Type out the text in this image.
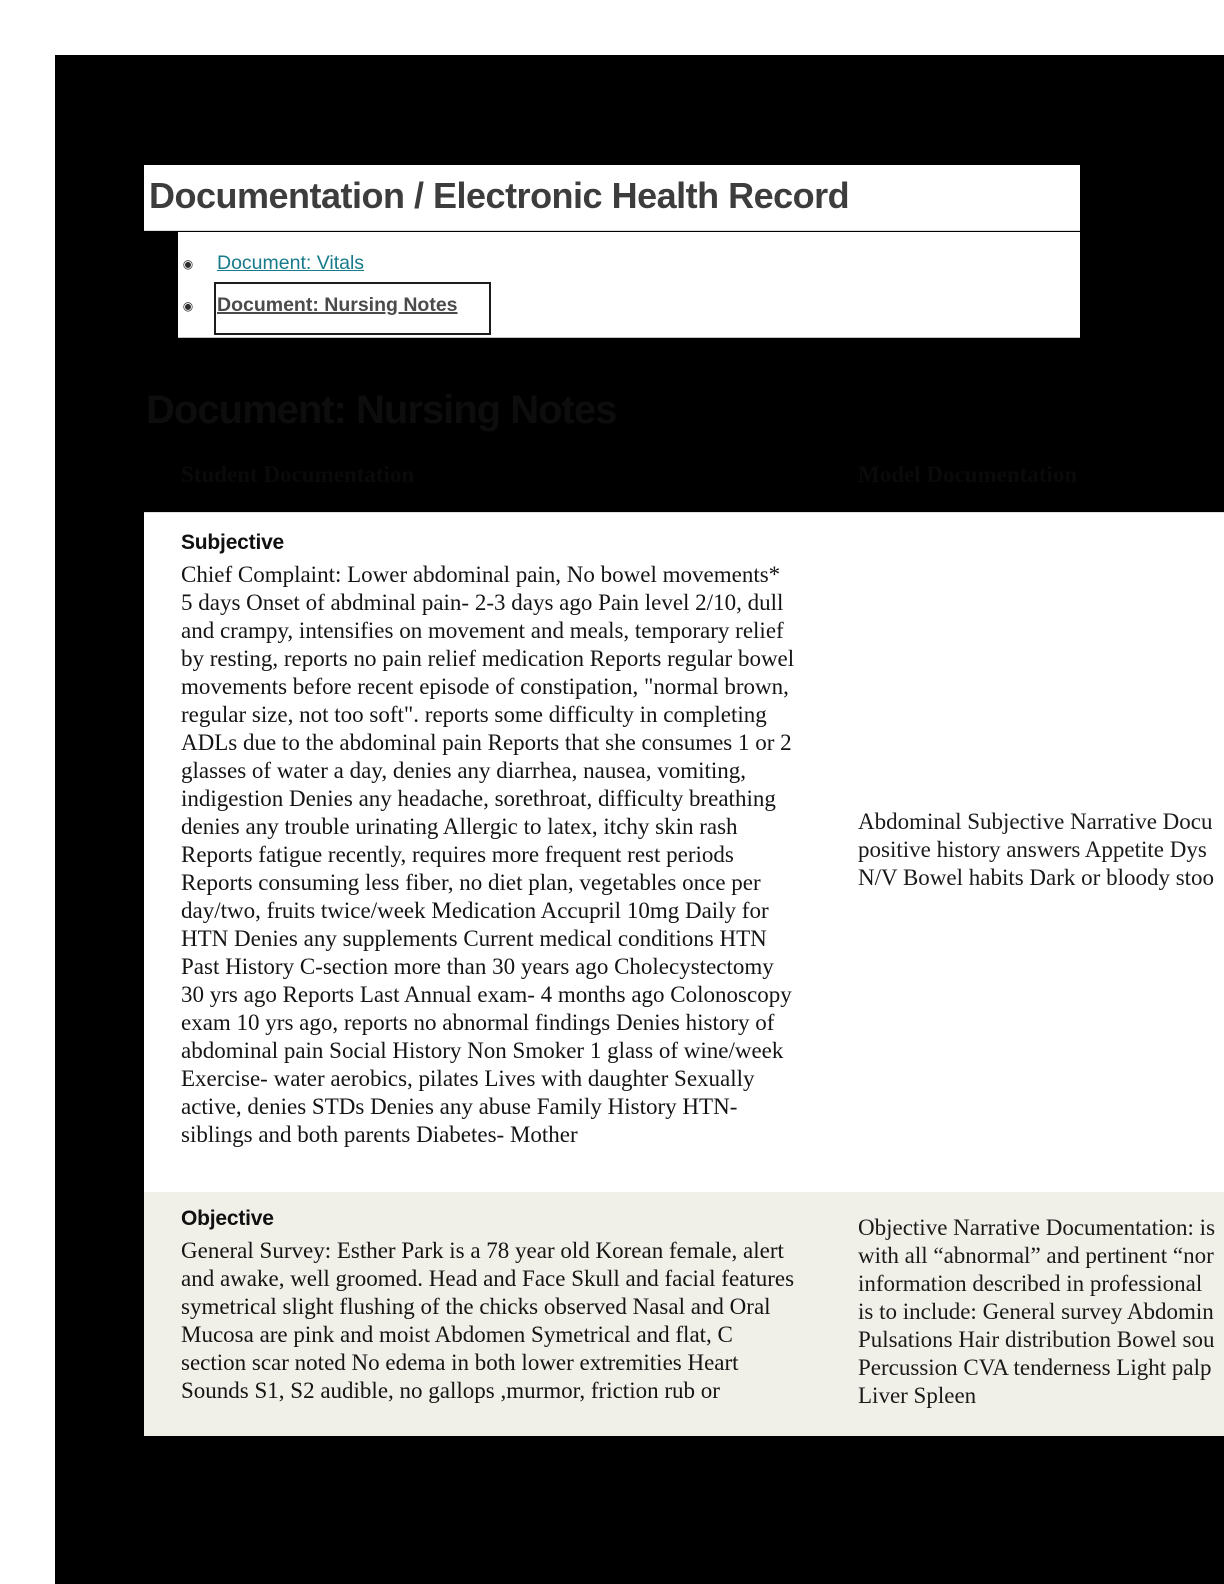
Documentation / Electronic Health Record
◉ Document: Vitals
◉ Document: Nursing Notes
Document: Nursing Notes
Student Documentation	Model Documentation
Subjective

Chief Complaint: Lower abdominal pain, No bowel movements* 5 days Onset of abdminal pain- 2-3 days ago Pain level 2/10, dull and crampy, intensifies on movement and meals, temporary relief by resting, reports no pain relief medication Reports regular bowel movements before recent episode of constipation, "normal brown, regular size, not too soft". reports some difficulty in completing ADLs due to the abdominal pain Reports that she consumes 1 or 2 glasses of water a day, denies any diarrhea, nausea, vomiting, indigestion Denies any headache, sorethroat, difficulty breathing denies any trouble urinating Allergic to latex, itchy skin rash Reports fatigue recently, requires more frequent rest periods Reports consuming less fiber, no diet plan, vegetables once per day/two, fruits twice/week Medication Accupril 10mg Daily for HTN Denies any supplements Current medical conditions HTN Past History C-section more than 30 years ago Cholecystectomy 30 yrs ago Reports Last Annual exam- 4 months ago Colonoscopy exam 10 yrs ago, reports no abnormal findings Denies history of abdominal pain Social History Non Smoker 1 glass of wine/week Exercise- water aerobics, pilates Lives with daughter Sexually active, denies STDs Denies any abuse Family History HTN- siblings and both parents Diabetes- Mother

Abdominal Subjective Narrative Docu
positive history answers Appetite Dys
N/V Bowel habits Dark or bloody stoo
Objective

General Survey: Esther Park is a 78 year old Korean female, alert and awake, well groomed. Head and Face Skull and facial features symetrical slight flushing of the chicks observed Nasal and Oral Mucosa are pink and moist Abdomen Symetrical and flat, C section scar noted No edema in both lower extremities Heart Sounds S1, S2 audible, no gallops ,murmor, friction rub or

Objective Narrative Documentation: is
with all “abnormal” and pertinent “nor
information described in professional
is to include: General survey Abdomin
Pulsations Hair distribution Bowel sou
Percussion CVA tenderness Light palp
Liver Spleen
